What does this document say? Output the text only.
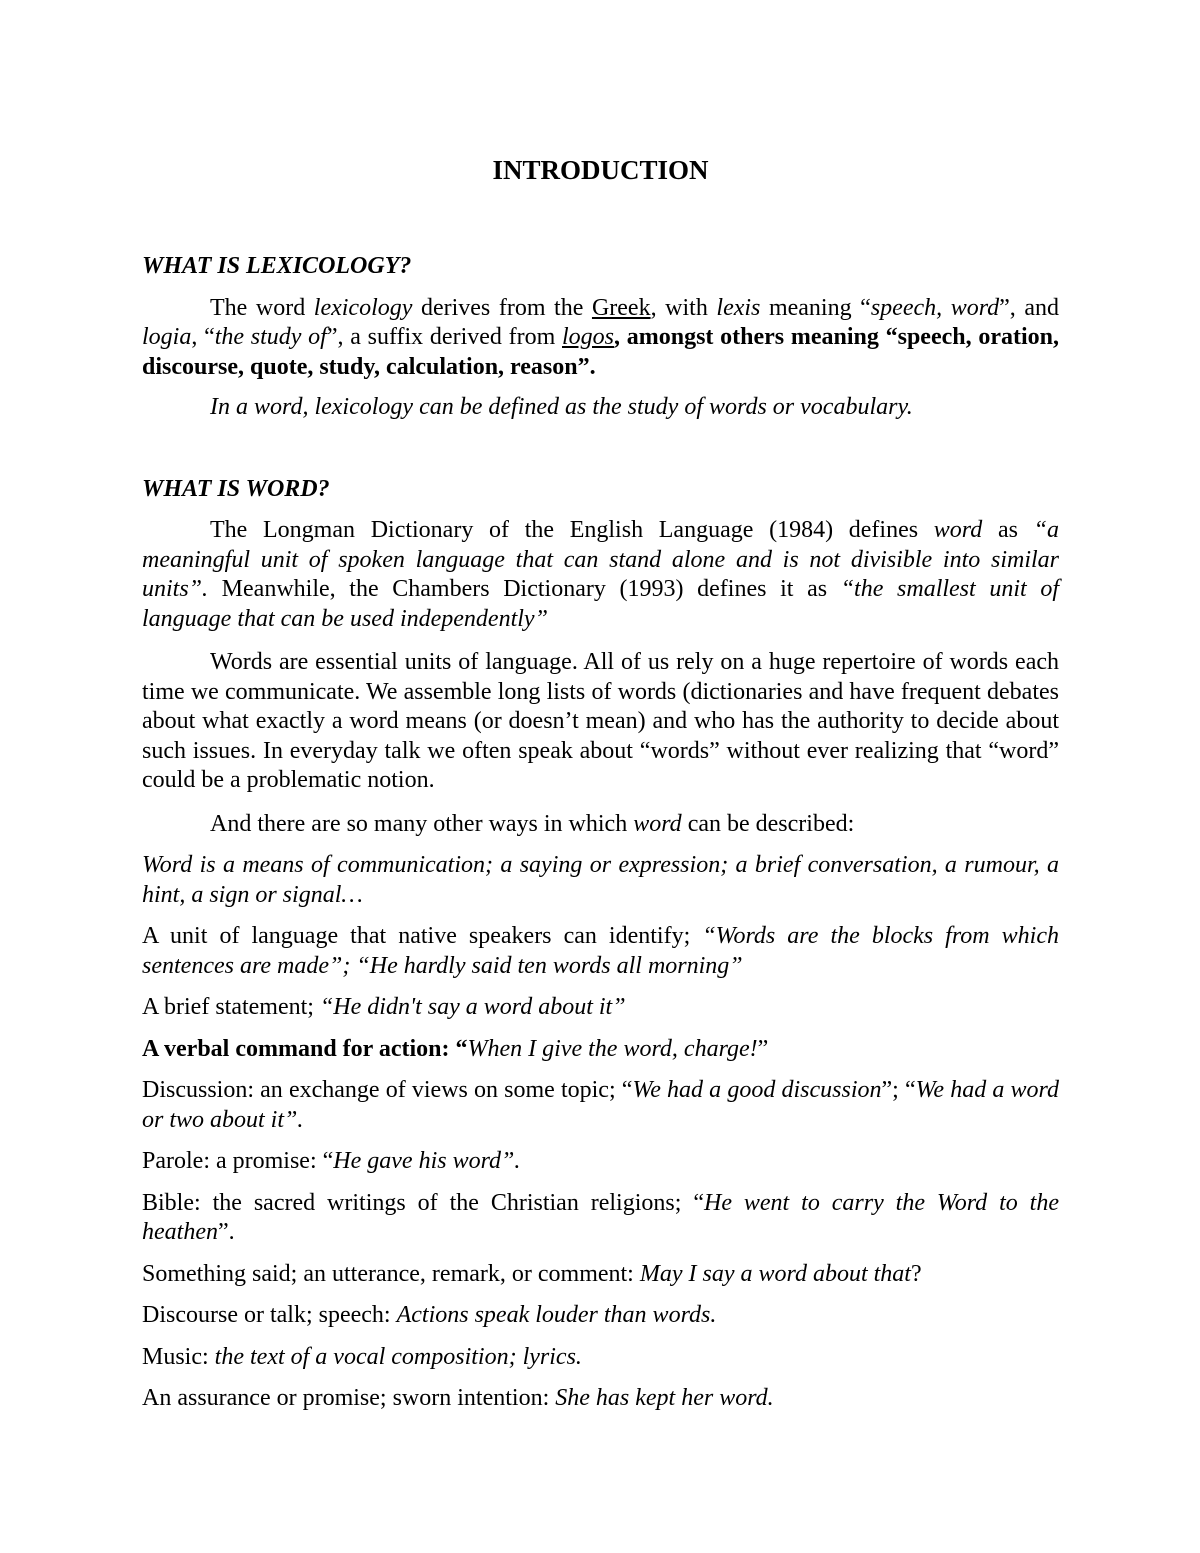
INTRODUCTION
WHAT IS LEXICOLOGY?

The word lexicology derives from the Greek, with lexis meaning “speech, word”, and logia, “the study of”, a suffix derived from logos, amongst others meaning “speech, oration, discourse, quote, study, calculation, reason”.

In a word, lexicology can be defined as the study of words or vocabulary.

WHAT IS WORD?

The Longman Dictionary of the English Language (1984) defines word as “a meaningful unit of spoken language that can stand alone and is not divisible into similar units”. Meanwhile, the Chambers Dictionary (1993) defines it as “the smallest unit of language that can be used independently”

Words are essential units of language. All of us rely on a huge repertoire of words each time we communicate. We assemble long lists of words (dictionaries and have frequent debates about what exactly a word means (or doesn’t mean) and who has the authority to decide about such issues. In everyday talk we often speak about “words” without ever realizing that “word” could be a problematic notion.

And there are so many other ways in which word can be described:

Word is a means of communication; a saying or expression; a brief conversation, a rumour, a hint, a sign or signal…

A unit of language that native speakers can identify; “Words are the blocks from which sentences are made”; “He hardly said ten words all morning”

A brief statement; “He didn't say a word about it”

A verbal command for action: “When I give the word, charge!”

Discussion: an exchange of views on some topic; “We had a good discussion”; “We had a word or two about it”.

Parole: a promise: “He gave his word”.

Bible: the sacred writings of the Christian religions; “He went to carry the Word to the heathen”.

Something said; an utterance, remark, or comment: May I say a word about that?

Discourse or talk; speech: Actions speak louder than words.

Music: the text of a vocal composition; lyrics.

An assurance or promise; sworn intention: She has kept her word.
